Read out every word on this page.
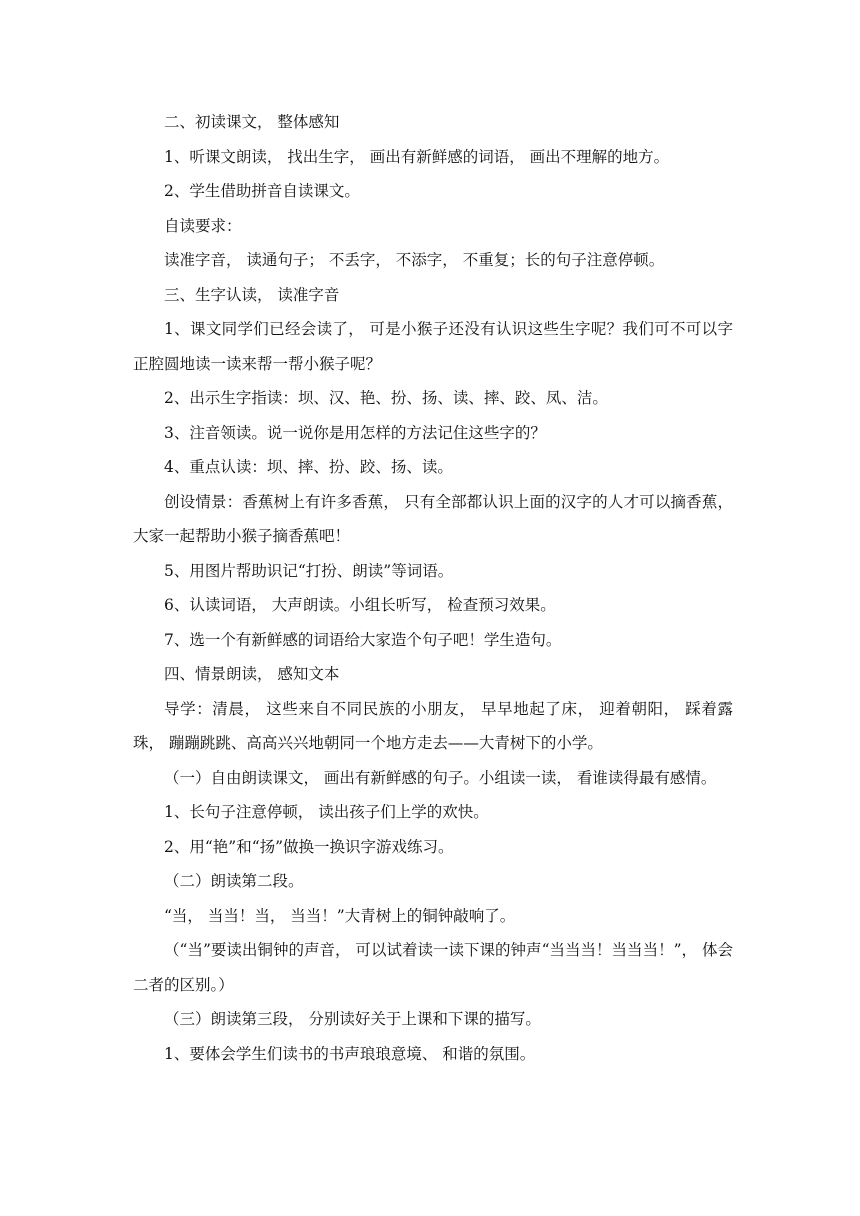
二、初读课文， 整体感知

1、听课文朗读， 找出生字， 画出有新鲜感的词语， 画出不理解的地方。

2、学生借助拼音自读课文。

自读要求：

读准字音， 读通句子； 不丢字， 不添字， 不重复；长的句子注意停顿。

三、生字认读， 读准字音

1、课文同学们已经会读了， 可是小猴子还没有认识这些生字呢？我们可不可以字正腔圆地读一读来帮一帮小猴子呢？

2、出示生字指读：坝、汉、艳、扮、扬、读、摔、跤、凤、洁。

3、注音领读。说一说你是用怎样的方法记住这些字的？

4、重点认读：坝、摔、扮、跤、扬、读。

创设情景：香蕉树上有许多香蕉， 只有全部都认识上面的汉字的人才可以摘香蕉， 大家一起帮助小猴子摘香蕉吧！

5、用图片帮助识记“打扮、朗读”等词语。

6、认读词语， 大声朗读。小组长听写， 检查预习效果。

7、选一个有新鲜感的词语给大家造个句子吧！学生造句。

四、情景朗读， 感知文本

导学：清晨， 这些来自不同民族的小朋友， 早早地起了床， 迎着朝阳， 踩着露珠， 蹦蹦跳跳、高高兴兴地朝同一个地方走去——大青树下的小学。

（一）自由朗读课文， 画出有新鲜感的句子。小组读一读， 看谁读得最有感情。

1、长句子注意停顿， 读出孩子们上学的欢快。

2、用“艳”和“扬”做换一换识字游戏练习。

（二）朗读第二段。

“当， 当当！当， 当当！”大青树上的铜钟敲响了。

（“当”要读出铜钟的声音， 可以试着读一读下课的钟声“当当当！当当当！”， 体会二者的区别。）

（三）朗读第三段， 分别读好关于上课和下课的描写。

1、要体会学生们读书的书声琅琅意境、 和谐的氛围。
